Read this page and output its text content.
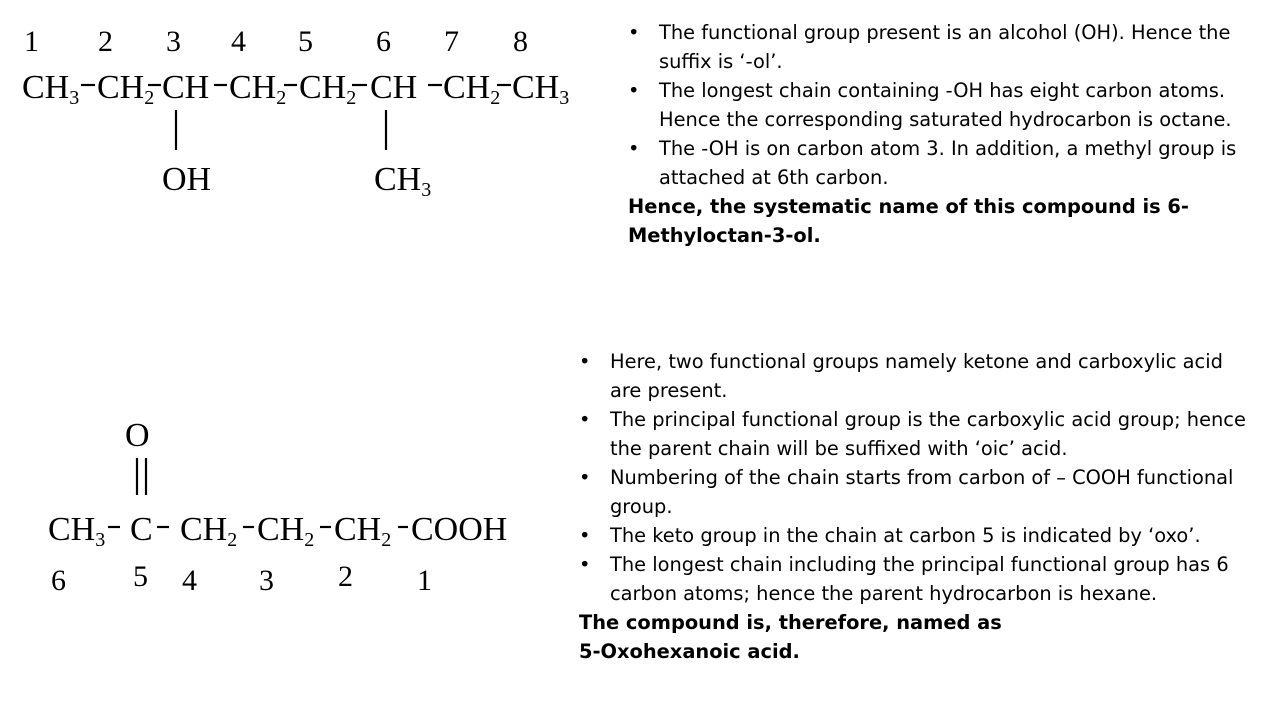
1 2 3 4 5 6 7 8
CH3 CH2 CH CH2 CH2 CH CH2 CH3
OH	CH3
O
CH3 C CH2 CH2 CH2 COOH
6 5 4 3 2 1
• The functional group present is an alcohol (OH). Hence the suffix is ‘-ol’.
• The longest chain containing -OH has eight carbon atoms. Hence the corresponding saturated hydrocarbon is octane.
• The -OH is on carbon atom 3. In addition, a methyl group is attached at 6th carbon.
Hence, the systematic name of this compound is 6-Methyloctan-3-ol.
• Here, two functional groups namely ketone and carboxylic acid are present.
• The principal functional group is the carboxylic acid group; hence the parent chain will be suffixed with ‘oic’ acid.
• Numbering of the chain starts from carbon of – COOH functional group.
• The keto group in the chain at carbon 5 is indicated by ‘oxo’.
• The longest chain including the principal functional group has 6 carbon atoms; hence the parent hydrocarbon is hexane.
The compound is, therefore, named as
5-Oxohexanoic acid.
